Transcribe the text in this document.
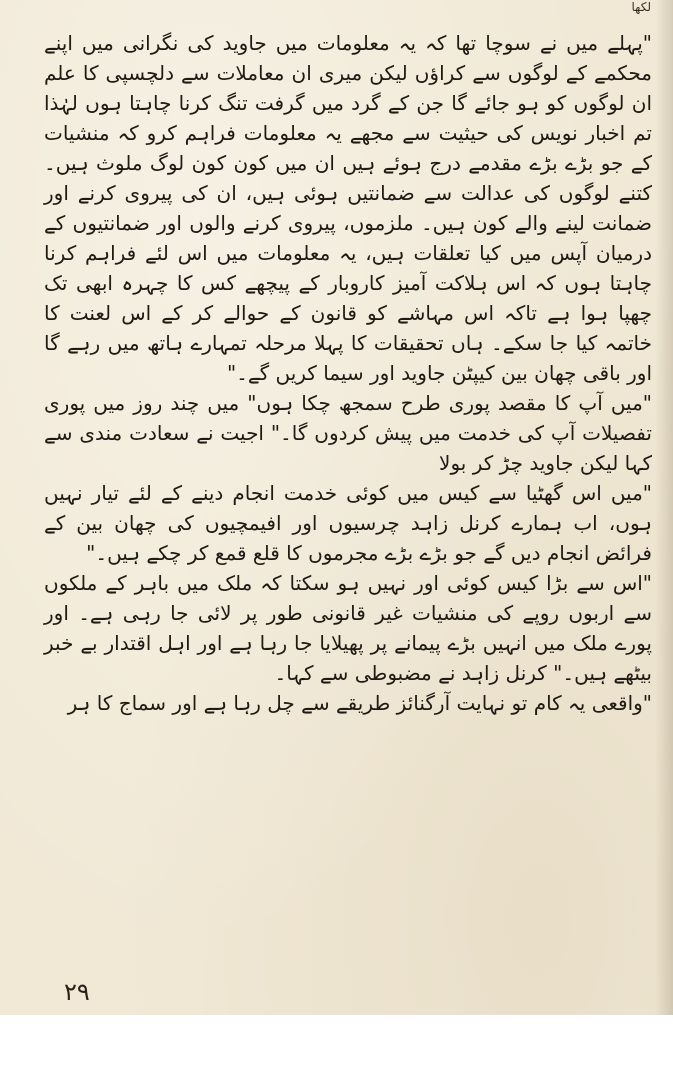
لکھا

"پہلے میں نے سوچا تھا کہ یہ معلومات میں جاوید کی نگرانی میں اپنے محکمے کے لوگوں سے کراؤں لیکن میری ان معاملات سے دلچسپی کا علم ان لوگوں کو ہو جائے گا جن کے گرد میں گرفت تنگ کرنا چاہتا ہوں لہٰذا تم اخبار نویس کی حیثیت سے مجھے یہ معلومات فراہم کرو کہ منشیات کے جو بڑے بڑے مقدمے درج ہوئے ہیں ان میں کون کون لوگ ملوث ہیں۔ کتنے لوگوں کی عدالت سے ضمانتیں ہوئی ہیں، ان کی پیروی کرنے اور ضمانت لینے والے کون ہیں۔ ملزموں، پیروی کرنے والوں اور ضمانتیوں کے درمیان آپس میں کیا تعلقات ہیں، یہ معلومات میں اس لئے فراہم کرنا چاہتا ہوں کہ اس ہلاکت آمیز کاروبار کے پیچھے کس کا چہرہ ابھی تک چھپا ہوا ہے تاکہ اس مہاشے کو قانون کے حوالے کر کے اس لعنت کا خاتمہ کیا جا سکے۔ ہاں تحقیقات کا پہلا مرحلہ تمہارے ہاتھ میں رہے گا اور باقی چھان بین کیپٹن جاوید اور سیما کریں گے۔"

"میں آپ کا مقصد پوری طرح سمجھ چکا ہوں" میں چند روز میں پوری تفصیلات آپ کی خدمت میں پیش کردوں گا۔" اجیت نے سعادت مندی سے کہا لیکن جاوید چڑ کر بولا

"میں اس گھٹیا سے کیس میں کوئی خدمت انجام دینے کے لئے تیار نہیں ہوں، اب ہمارے کرنل زاہد چرسیوں اور افیمچیوں کی چھان بین کے فرائض انجام دیں گے جو بڑے بڑے مجرموں کا قلع قمع کر چکے ہیں۔"

"اس سے بڑا کیس کوئی اور نہیں ہو سکتا کہ ملک میں باہر کے ملکوں سے اربوں روپے کی منشیات غیر قانونی طور پر لائی جا رہی ہے۔ اور پورے ملک میں انہیں بڑے پیمانے پر پھیلایا جا رہا ہے اور اہل اقتدار بے خبر بیٹھے ہیں۔" کرنل زاہد نے مضبوطی سے کہا۔

"واقعی یہ کام تو نہایت آرگنائز طریقے سے چل رہا ہے اور سماج کا ہر

۲۹
